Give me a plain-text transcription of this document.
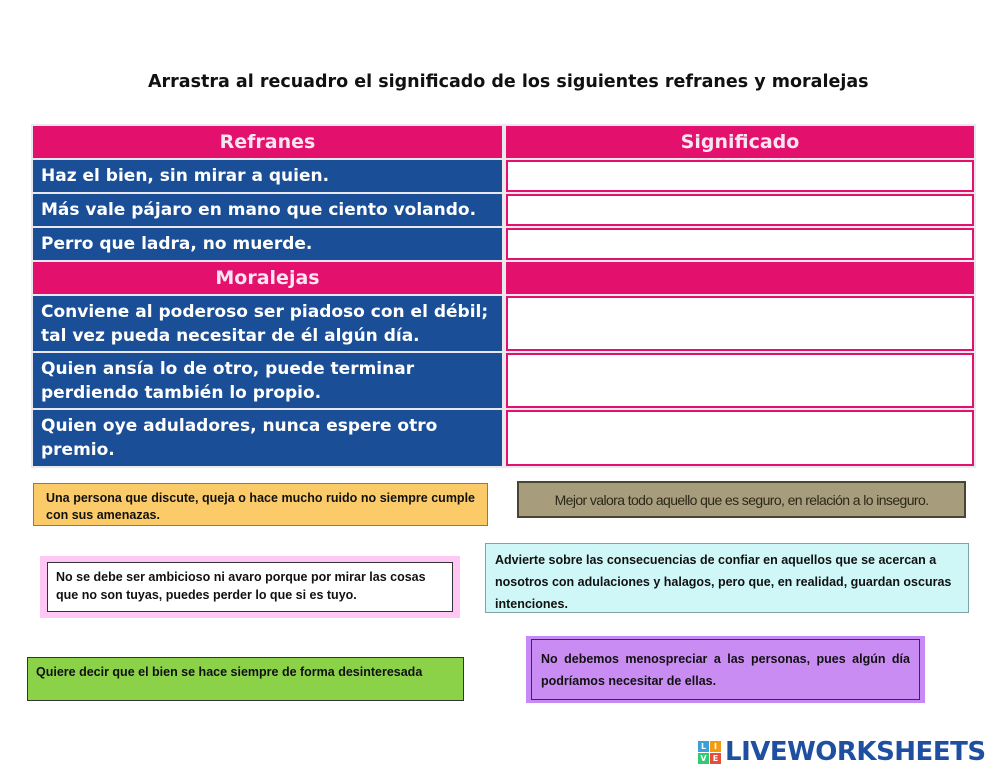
Arrastra al recuadro el significado de los siguientes refranes y moralejas
Refranes	Significado
Haz el bien, sin mirar a quien.
Más vale pájaro en mano que ciento volando.
Perro que ladra, no muerde.
Moralejas
Conviene al poderoso ser piadoso con el débil; tal vez pueda necesitar de él algún día.
Quien ansía lo de otro, puede terminar perdiendo también lo propio.
Quien oye aduladores, nunca espere otro premio.
Una persona que discute, queja o hace mucho ruido no siempre cumple con sus amenazas.
Mejor valora todo aquello que es seguro, en relación a lo inseguro.
No se debe ser ambicioso ni avaro porque por mirar las cosas que no son tuyas, puedes perder lo que si es tuyo.
Advierte sobre las consecuencias de confiar en aquellos que se acercan a nosotros con adulaciones y halagos, pero que, en realidad, guardan oscuras intenciones.
No debemos menospreciar a las personas, pues algún día podríamos necesitar de ellas.
Quiere decir que el bien se hace siempre de forma desinteresada
L I
V E LIVEWORKSHEETS
